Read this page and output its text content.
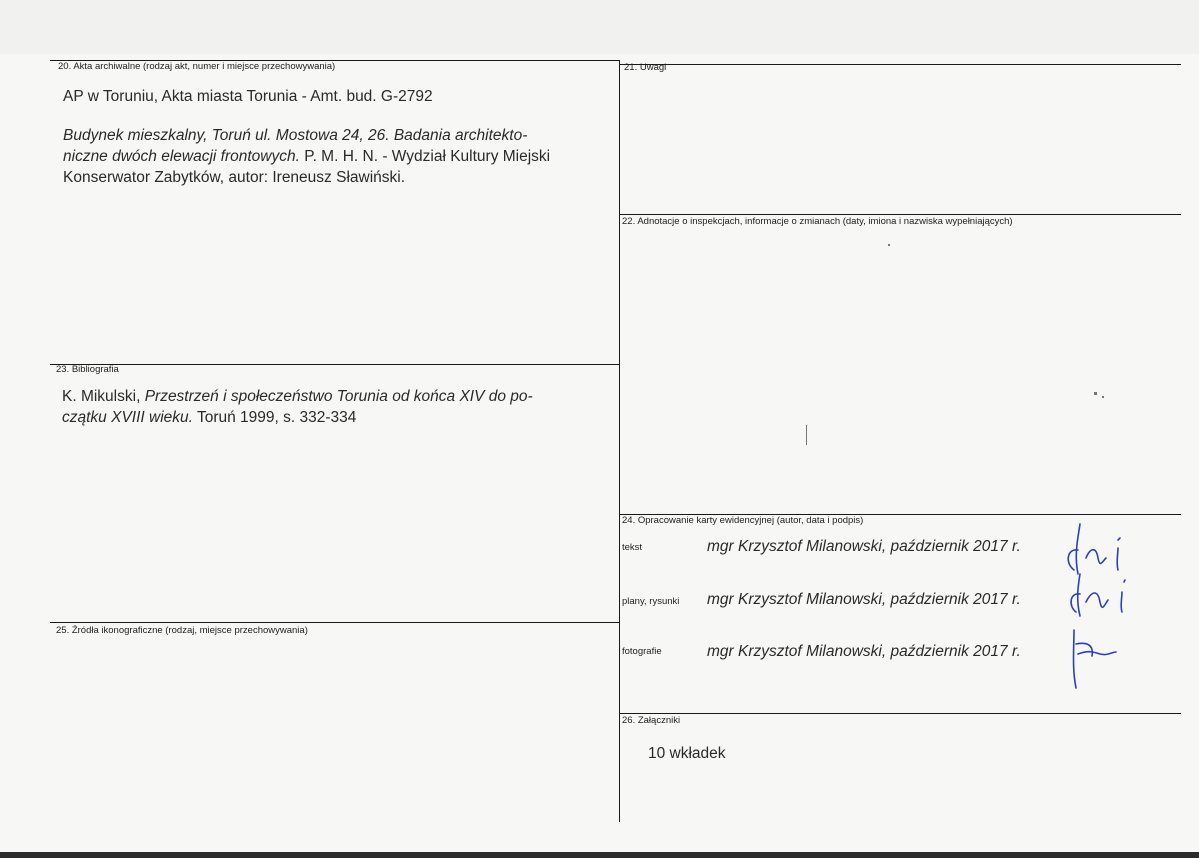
20. Akta archiwalne (rodzaj akt, numer i miejsce przechowywania)
AP w Toruniu, Akta miasta Torunia - Amt. bud. G-2792
Budynek mieszkalny, Toruń ul. Mostowa 24, 26. Badania architekto-
niczne dwóch elewacji frontowych. P. M. H. N. - Wydział Kultury Miejski
Konserwator Zabytków, autor: Ireneusz Sławiński.
21. Uwagi
22. Adnotacje o inspekcjach, informacje o zmianach (daty, imiona i nazwiska wypełniających)
23. Bibliografia
K. Mikulski, Przestrzeń i społeczeństwo Torunia od końca XIV do po-
czątku XVIII wieku. Toruń 1999, s. 332-334
24. Opracowanie karty ewidencyjnej (autor, data i podpis)
tekst	mgr Krzysztof Milanowski, październik 2017 r.
plany, rysunki mgr Krzysztof Milanowski, październik 2017 r.
fotografie	mgr Krzysztof Milanowski, październik 2017 r.
25. Źródła ikonograficzne (rodzaj, miejsce przechowywania)
26. Załączniki
10 wkładek
